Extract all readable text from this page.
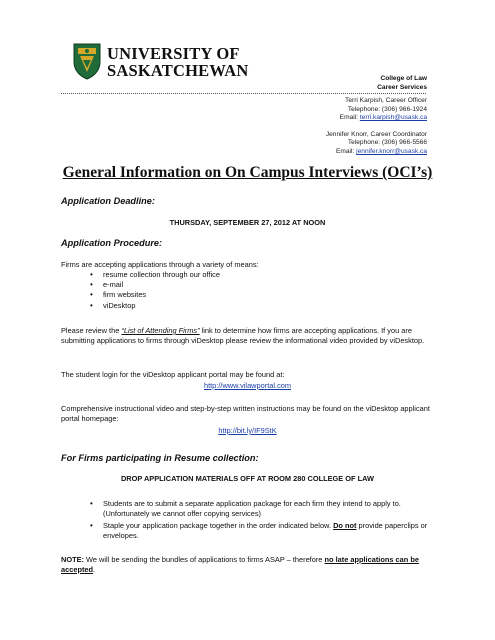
UNIVERSITY OF
SASKATCHEWAN	College of Law
Career Services
Terri Karpish, Career Officer
Telephone: (306) 966-1924
Email: terri.karpish@usask.ca
Jennifer Knorr, Career Coordinator
Telephone: (306) 966-5566
Email: jennifer.knorr@usask.ca
General Information on On Campus Interviews (OCI’s)
Application Deadline:
THURSDAY, SEPTEMBER 27, 2012 AT NOON
Application Procedure:
Firms are accepting applications through a variety of means:
• resume collection through our office
• e-mail
• firm websites
• viDesktop
Please review the “List of Attending Firms” link to determine how firms are accepting applications. If you are submitting applications to firms through viDesktop please review the informational video provided by viDesktop.
The student login for the viDesktop applicant portal may be found at:
http://www.vilawportal.com
Comprehensive instructional video and step-by-step written instructions may be found on the viDesktop applicant portal homepage:
http://bit.ly/IF9StK
For Firms participating in Resume collection:
DROP APPLICATION MATERIALS OFF AT ROOM 280 COLLEGE OF LAW
• Students are to submit a separate application package for each firm they intend to apply to. (Unfortunately we cannot offer copying services)
• Staple your application package together in the order indicated below. Do not provide paperclips or envelopes.
NOTE: We will be sending the bundles of applications to firms ASAP – therefore no late applications can be accepted.
